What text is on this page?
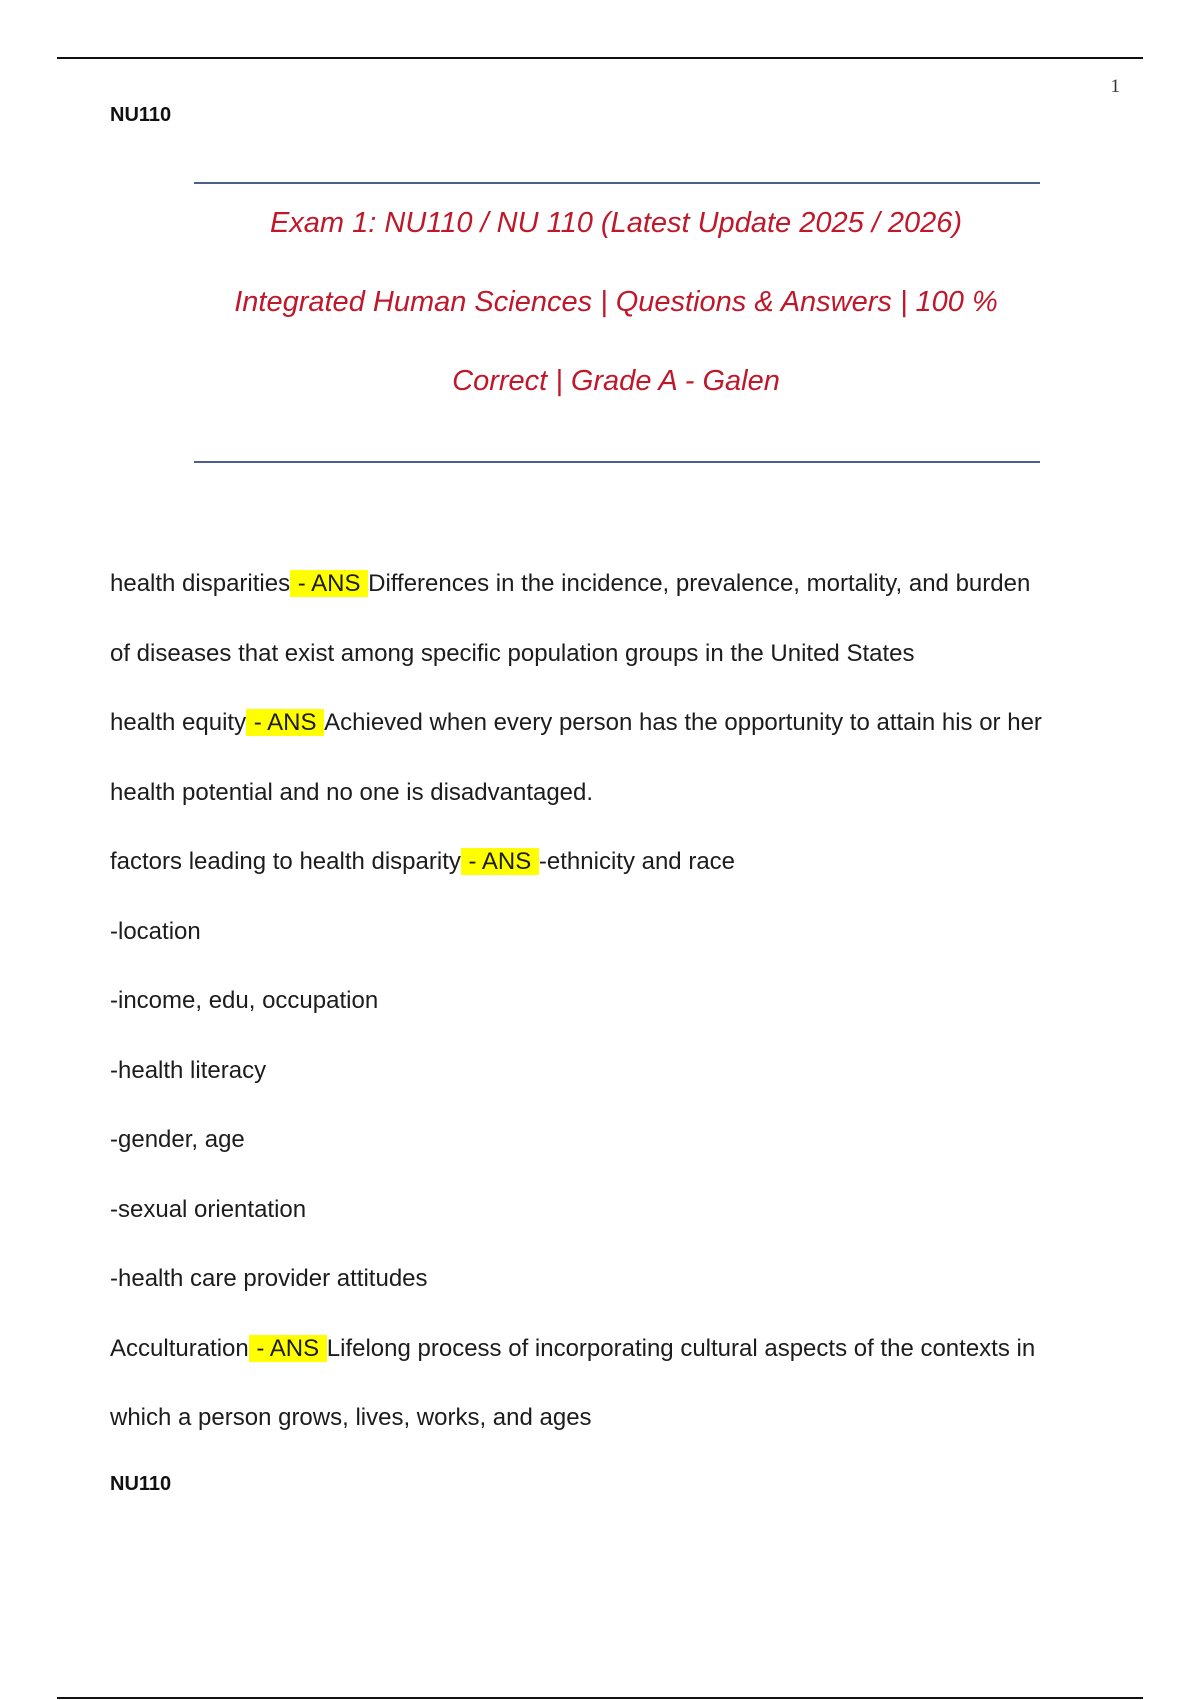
1
NU110
Exam 1: NU110 / NU 110 (Latest Update 2025 / 2026)
Integrated Human Sciences | Questions & Answers | 100 %
Correct | Grade A - Galen
health disparities - ANS Differences in the incidence, prevalence, mortality, and burden
of diseases that exist among specific population groups in the United States
health equity - ANS Achieved when every person has the opportunity to attain his or her
health potential and no one is disadvantaged.
factors leading to health disparity - ANS -ethnicity and race
-location
-income, edu, occupation
-health literacy
-gender, age
-sexual orientation
-health care provider attitudes
Acculturation - ANS Lifelong process of incorporating cultural aspects of the contexts in
which a person grows, lives, works, and ages
NU110
